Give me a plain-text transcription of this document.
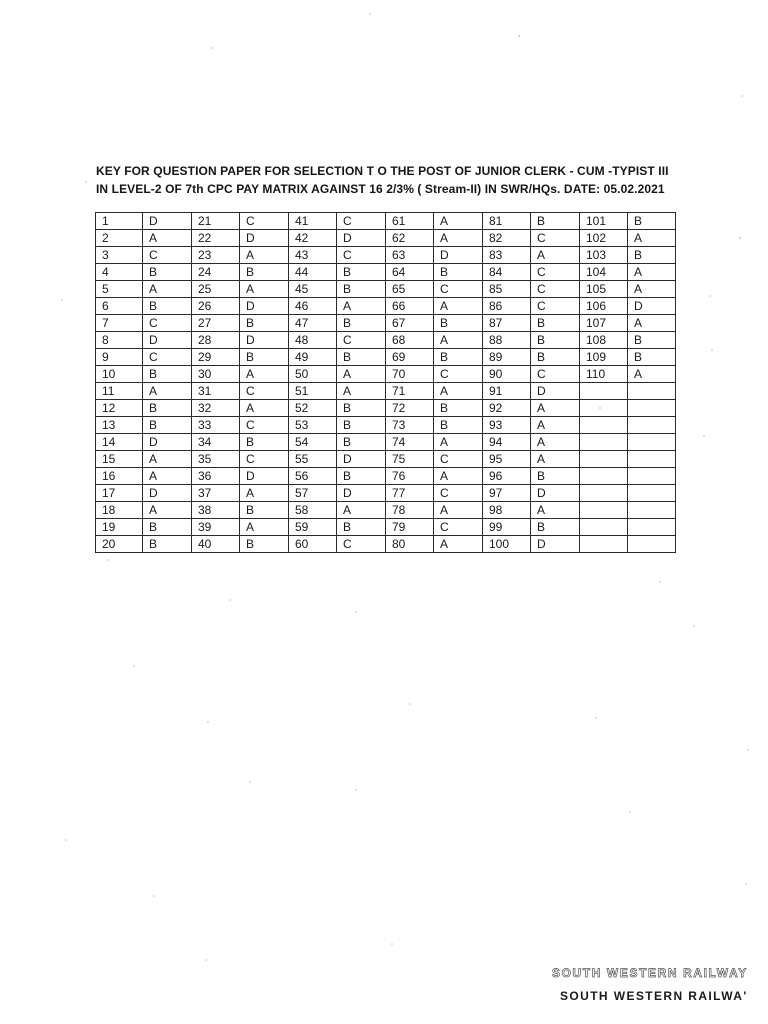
KEY FOR QUESTION PAPER FOR SELECTION T O THE POST OF JUNIOR CLERK - CUM -TYPIST III
IN LEVEL-2 OF 7th CPC PAY MATRIX AGAINST 16 2/3% ( Stream-II) IN SWR/HQs. DATE: 05.02.2021
1	D	21	C	41	C	61	A	81	B	101	B
2	A	22	D	42	D	62	A	82	C	102	A
3	C	23	A	43	C	63	D	83	A	103	B
4	B	24	B	44	B	64	B	84	C	104	A
5	A	25	A	45	B	65	C	85	C	105	A
6	B	26	D	46	A	66	A	86	C	106	D
7	C	27	B	47	B	67	B	87	B	107	A
8	D	28	D	48	C	68	A	88	B	108	B
9	C	29	B	49	B	69	B	89	B	109	B
10	B	30	A	50	A	70	C	90	C	110	A
11	A	31	C	51	A	71	A	91	D		
12	B	32	A	52	B	72	B	92	A		
13	B	33	C	53	B	73	B	93	A		
14	D	34	B	54	B	74	A	94	A		
15	A	35	C	55	D	75	C	95	A		
16	A	36	D	56	B	76	A	96	B		
17	D	37	A	57	D	77	C	97	D		
18	A	38	B	58	A	78	A	98	A		
19	B	39	A	59	B	79	C	99	B		
20	B	40	B	60	C	80	A	100	D		
SOUTH WESTERN RAILWAY
SOUTH WESTERN RAILWA'
